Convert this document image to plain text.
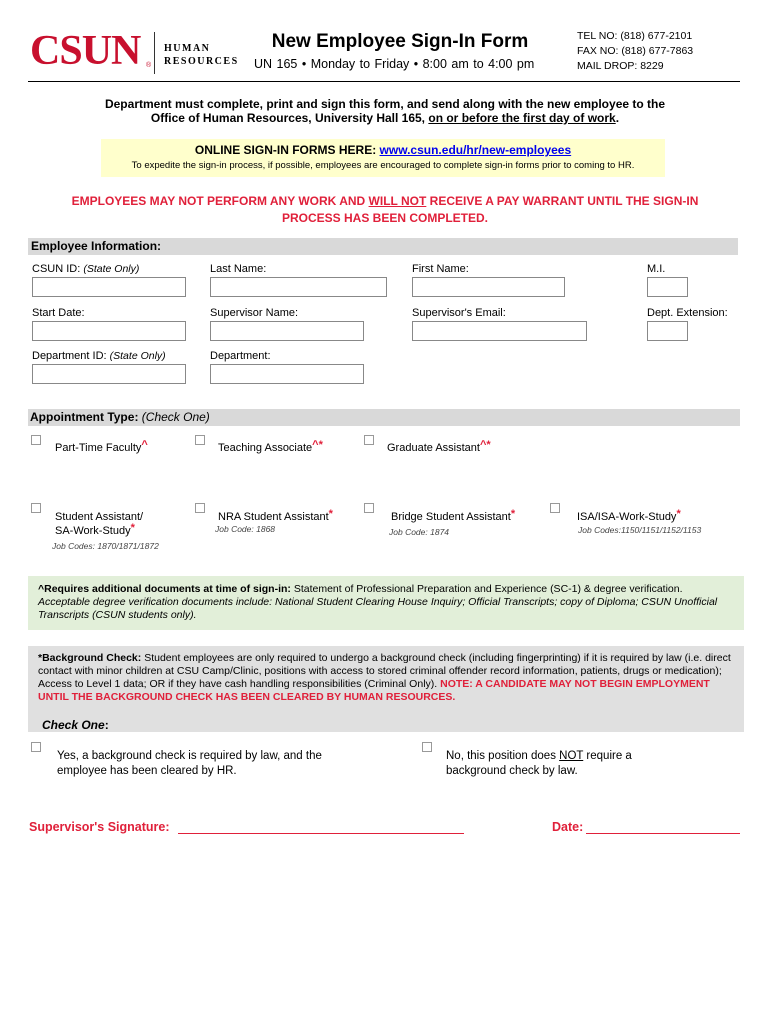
CSUN ®
HUMAN
RESOURCES
New Employee Sign-In Form
UN 165 • Monday to Friday • 8:00 am to 4:00 pm
TEL NO: (818) 677-2101
FAX NO: (818) 677-7863
MAIL DROP: 8229
Department must complete, print and sign this form, and send along with the new employee to the
Office of Human Resources, University Hall 165, on or before the first day of work.
ONLINE SIGN-IN FORMS HERE: www.csun.edu/hr/new-employees
To expedite the sign-in process, if possible, employees are encouraged to complete sign-in forms prior to coming to HR.
EMPLOYEES MAY NOT PERFORM ANY WORK AND WILL NOT RECEIVE A PAY WARRANT UNTIL THE SIGN-IN
PROCESS HAS BEEN COMPLETED.
Employee Information:
CSUN ID: (State Only)	Last Name:	First Name:	M.I.
Start Date:	Supervisor Name:	Supervisor's Email:	Dept. Extension:
Department ID: (State Only)	Department:
Appointment Type: (Check One)
Part-Time Faculty^	Teaching Associate^*	Graduate Assistant^*
Student Assistant/
SA-Work-Study*
Job Codes: 1870/1871/1872
NRA Student Assistant*
Job Code: 1868
Bridge Student Assistant*
Job Code: 1874
ISA/ISA-Work-Study*
Job Codes:1150/1151/1152/1153
^Requires additional documents at time of sign-in: Statement of Professional Preparation and Experience (SC-1) & degree verification.
Acceptable degree verification documents include: National Student Clearing House Inquiry; Official Transcripts; copy of Diploma; CSUN Unofficial Transcripts (CSUN students only).
*Background Check: Student employees are only required to undergo a background check (including fingerprinting) if it is required by law (i.e. direct contact with minor children at CSU Camp/Clinic, positions with access to stored criminal offender record information, patients, drugs or medication); Access to Level 1 data; OR if they have cash handling responsibilities (Criminal Only). NOTE: A CANDIDATE MAY NOT BEGIN EMPLOYMENT UNTIL THE BACKGROUND CHECK HAS BEEN CLEARED BY HUMAN RESOURCES.
Check One:
Yes, a background check is required by law, and the
employee has been cleared by HR.
No, this position does NOT require a
background check by law.
Supervisor's Signature:	Date:
